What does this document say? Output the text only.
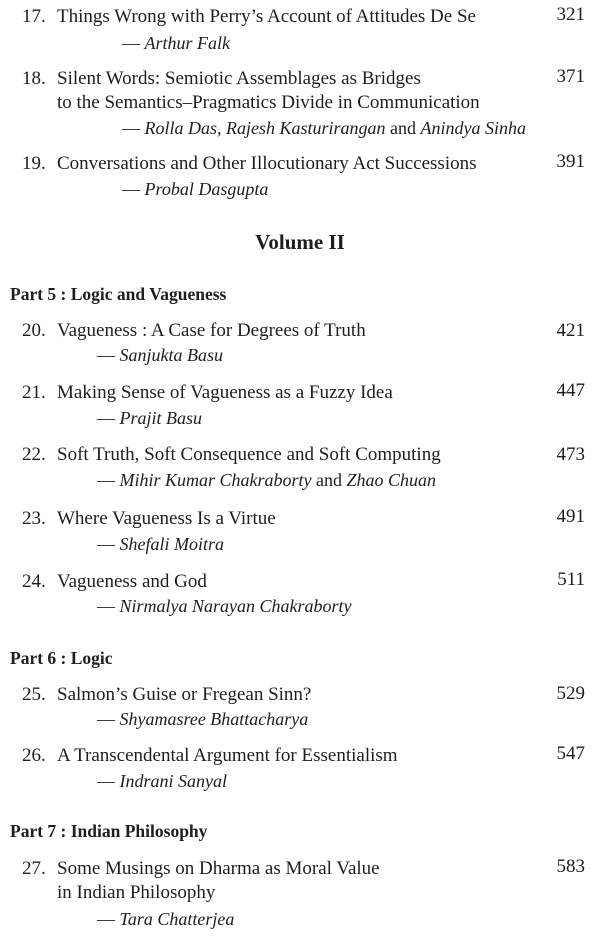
17. Things Wrong with Perry’s Account of Attitudes De Se	321
— Arthur Falk
18. Silent Words: Semiotic Assemblages as Bridges	371
to the Semantics–Pragmatics Divide in Communication
— Rolla Das, Rajesh Kasturirangan and Anindya Sinha
19. Conversations and Other Illocutionary Act Successions	391
— Probal Dasgupta
Volume II
Part 5 : Logic and Vagueness
20. Vagueness : A Case for Degrees of Truth	421
— Sanjukta Basu
21. Making Sense of Vagueness as a Fuzzy Idea	447
— Prajit Basu
22. Soft Truth, Soft Consequence and Soft Computing	473
— Mihir Kumar Chakraborty and Zhao Chuan
23. Where Vagueness Is a Virtue	491
— Shefali Moitra
24. Vagueness and God	511
— Nirmalya Narayan Chakraborty
Part 6 : Logic
25. Salmon’s Guise or Fregean Sinn?	529
— Shyamasree Bhattacharya
26. A Transcendental Argument for Essentialism	547
— Indrani Sanyal
Part 7 : Indian Philosophy
27. Some Musings on Dharma as Moral Value	583
in Indian Philosophy
— Tara Chatterjea
